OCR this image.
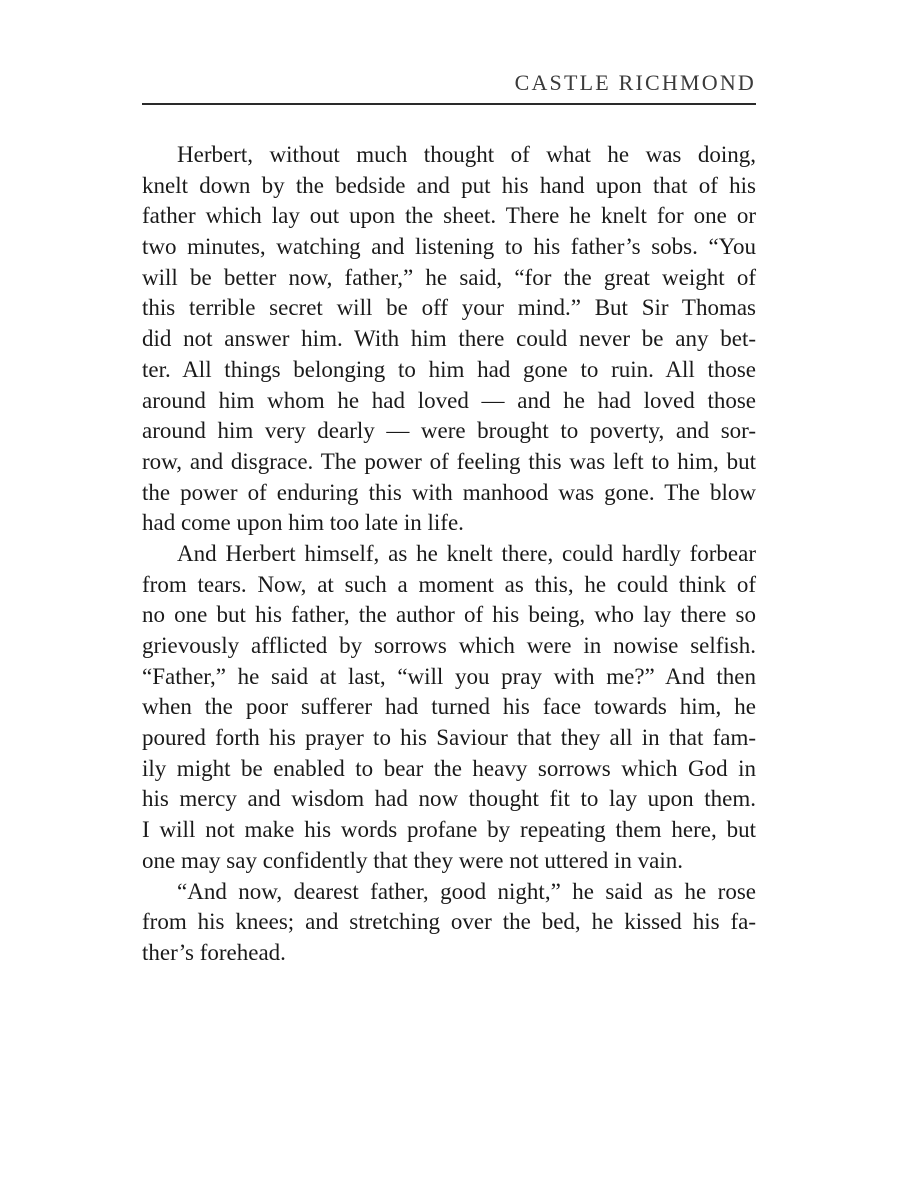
CASTLE RICHMOND
Herbert, without much thought of what he was doing,
knelt down by the bedside and put his hand upon that of his
father which lay out upon the sheet. There he knelt for one or
two minutes, watching and listening to his father’s sobs. “You
will be better now, father,” he said, “for the great weight of
this terrible secret will be off your mind.” But Sir Thomas
did not answer him. With him there could never be any bet-
ter. All things belonging to him had gone to ruin. All those
around him whom he had loved — and he had loved those
around him very dearly — were brought to poverty, and sor-
row, and disgrace. The power of feeling this was left to him, but
the power of enduring this with manhood was gone. The blow
had come upon him too late in life.
And Herbert himself, as he knelt there, could hardly forbear
from tears. Now, at such a moment as this, he could think of
no one but his father, the author of his being, who lay there so
grievously afflicted by sorrows which were in nowise selfish.
“Father,” he said at last, “will you pray with me?” And then
when the poor sufferer had turned his face towards him, he
poured forth his prayer to his Saviour that they all in that fam-
ily might be enabled to bear the heavy sorrows which God in
his mercy and wisdom had now thought fit to lay upon them.
I will not make his words profane by repeating them here, but
one may say confidently that they were not uttered in vain.
“And now, dearest father, good night,” he said as he rose
from his knees; and stretching over the bed, he kissed his fa-
ther’s forehead.
